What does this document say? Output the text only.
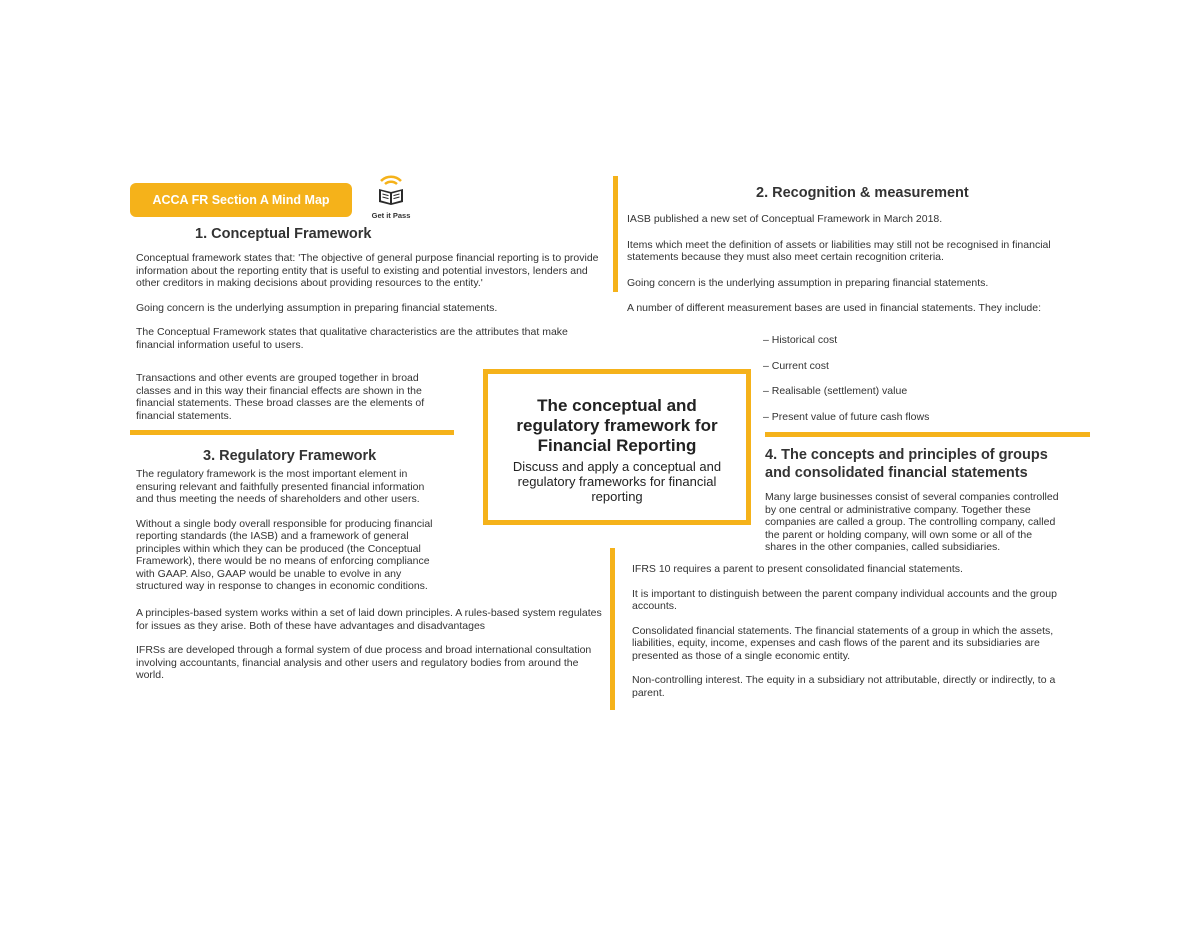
ACCA FR Section A Mind Map
Get it Pass
1. Conceptual Framework

Conceptual framework states that: 'The objective of general purpose financial reporting is to provide information about the reporting entity that is useful to existing and potential investors, lenders and other creditors in making decisions about providing resources to the entity.'

Going concern is the underlying assumption in preparing financial statements.

The Conceptual Framework states that qualitative characteristics are the attributes that make financial information useful to users.

Transactions and other events are grouped together in broad classes and in this way their financial effects are shown in the financial statements. These broad classes are the elements of financial statements.

2. Recognition & measurement

IASB published a new set of Conceptual Framework in March 2018.

Items which meet the definition of assets or liabilities may still not be recognised in financial statements because they must also meet certain recognition criteria.

Going concern is the underlying assumption in preparing financial statements.

A number of different measurement bases are used in financial statements. They include:

– Historical cost
– Current cost
– Realisable (settlement) value
– Present value of future cash flows
The conceptual and regulatory framework for Financial Reporting
Discuss and apply a conceptual and regulatory frameworks for financial reporting
3. Regulatory Framework

The regulatory framework is the most important element in ensuring relevant and faithfully presented financial information and thus meeting the needs of shareholders and other users.

Without a single body overall responsible for producing financial reporting standards (the IASB) and a framework of general principles within which they can be produced (the Conceptual Framework), there would be no means of enforcing compliance with GAAP. Also, GAAP would be unable to evolve in any structured way in response to changes in economic conditions.

A principles-based system works within a set of laid down principles. A rules-based system regulates for issues as they arise. Both of these have advantages and disadvantages

IFRSs are developed through a formal system of due process and broad international consultation involving accountants, financial analysis and other users and regulatory bodies from around the world.

4. The concepts and principles of groups and consolidated financial statements

Many large businesses consist of several companies controlled by one central or administrative company. Together these companies are called a group. The controlling company, called the parent or holding company, will own some or all of the shares in the other companies, called subsidiaries.

IFRS 10 requires a parent to present consolidated financial statements.

It is important to distinguish between the parent company individual accounts and the group accounts.

Consolidated financial statements. The financial statements of a group in which the assets, liabilities, equity, income, expenses and cash flows of the parent and its subsidiaries are presented as those of a single economic entity.

Non-controlling interest. The equity in a subsidiary not attributable, directly or indirectly, to a parent.
